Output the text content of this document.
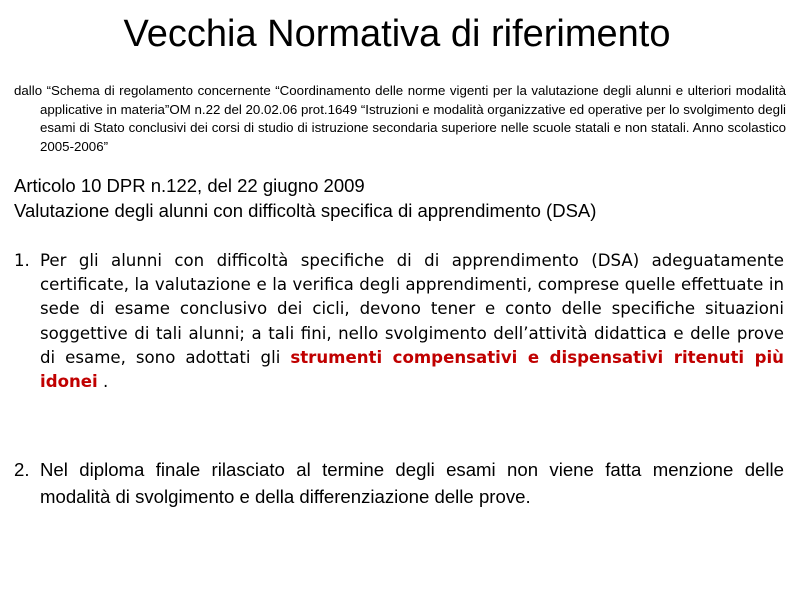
Vecchia Normativa di riferimento
dallo “Schema di regolamento concernente “Coordinamento delle norme vigenti per la valutazione degli alunni e ulteriori modalità applicative in materia”OM n.22 del 20.02.06 prot.1649 “Istruzioni e modalità organizzative ed operative per lo svolgimento degli esami di Stato conclusivi dei corsi di studio di istruzione secondaria superiore nelle scuole statali e non statali. Anno scolastico 2005-2006”
Articolo 10 DPR n.122, del 22 giugno 2009
Valutazione degli alunni con difficoltà specifica di apprendimento (DSA)
1. Per gli alunni con difficoltà specifiche di di apprendimento (DSA) adeguatamente certificate, la valutazione e la verifica degli apprendimenti, comprese quelle effettuate in sede di esame conclusivo dei cicli, devono tener e conto delle specifiche situazioni soggettive di tali alunni; a tali fini, nello svolgimento dell’attività didattica e delle prove di esame, sono adottati gli strumenti compensativi e dispensativi ritenuti più idonei .
2. Nel diploma finale rilasciato al termine degli esami non viene fatta menzione delle modalità di svolgimento e della differenziazione delle prove.
